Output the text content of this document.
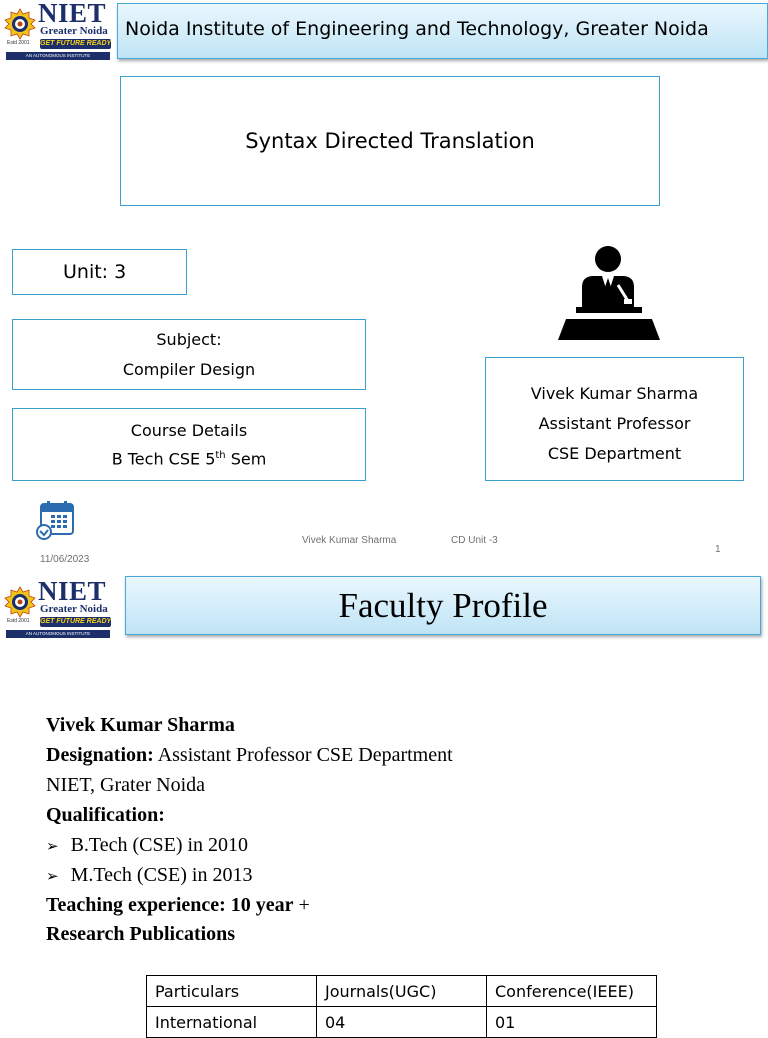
NIET
Greater Noida
Estd 2001 GET FUTURE READY
AN AUTONOMOUS INSTITUTE
Noida Institute of Engineering and Technology, Greater Noida
Syntax Directed Translation
Unit: 3
Subject:
Compiler Design
Course Details
B Tech CSE 5th Sem
Vivek Kumar Sharma
Assistant Professor
CSE Department
11/06/2023
Vivek Kumar Sharma	CD Unit -3
1
NIET
Greater Noida
Estd 2001 GET FUTURE READY
AN AUTONOMOUS INSTITUTE
Faculty Profile
Vivek Kumar Sharma
Designation: Assistant Professor CSE Department
NIET, Grater Noida
Qualification:
➢ B.Tech (CSE) in 2010
➢ M.Tech (CSE) in 2013
Teaching experience: 10 year +
Research Publications
Particulars	Journals(UGC)	Conference(IEEE)
International	04	01
